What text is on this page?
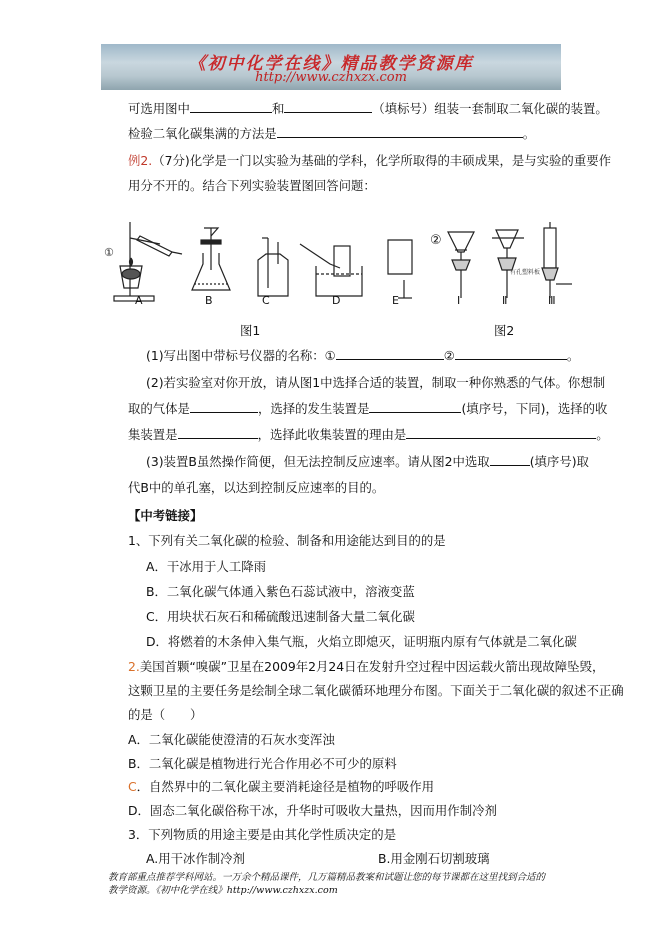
《初中化学在线》精品教学资源库
http://www.czhxzx.com
可选用图中	和	（填标号）组装一套制取二氧化碳的装置。
检验二氧化碳集满的方法是	。
例2.（7分)化学是一门以实验为基础的学科，化学所取得的丰硕成果，是与实验的重要作
用分不开的。结合下列实验装置图回答问题：
①
②
有孔塑料板
A	B	C	D	E	Ⅰ	Ⅱ	Ⅲ
图1	图2
(1)写出图中带标号仪器的名称：①	②	。
(2)若实验室对你开放，请从图1中选择合适的装置，制取一种你熟悉的气体。你想制
取的气体是	，选择的发生装置是	(填序号，下同)，选择的收
集装置是	，选择此收集装置的理由是	。
(3)装置B虽然操作简便，但无法控制反应速率。请从图2中选取	(填序号)取
代B中的单孔塞，以达到控制反应速率的目的。
【中考链接】
1、下列有关二氧化碳的检验、制备和用途能达到目的的是
A．干冰用于人工降雨
B．二氧化碳气体通入紫色石蕊试液中，溶液变蓝
C．用块状石灰石和稀硫酸迅速制备大量二氧化碳
D．将燃着的木条伸入集气瓶，火焰立即熄灭，证明瓶内原有气体就是二氧化碳
2.美国首颗“嗅碳”卫星在2009年2月24日在发射升空过程中因运载火箭出现故障坠毁，
这颗卫星的主要任务是绘制全球二氧化碳循环地理分布图。下面关于二氧化碳的叙述不正确
的是（　　）
A．二氧化碳能使澄清的石灰水变浑浊
B．二氧化碳是植物进行光合作用必不可少的原料
C．自然界中的二氧化碳主要消耗途径是植物的呼吸作用
D．固态二氧化碳俗称干冰，升华时可吸收大量热，因而用作制冷剂
3．下列物质的用途主要是由其化学性质决定的是
A.用干冰作制冷剂	B.用金刚石切割玻璃
教育部重点推荐学科网站。一万余个精品课件，几万篇精品教案和试题让您的每节课都在这里找到合适的
教学资源。《初中化学在线》http://www.czhxzx.com
